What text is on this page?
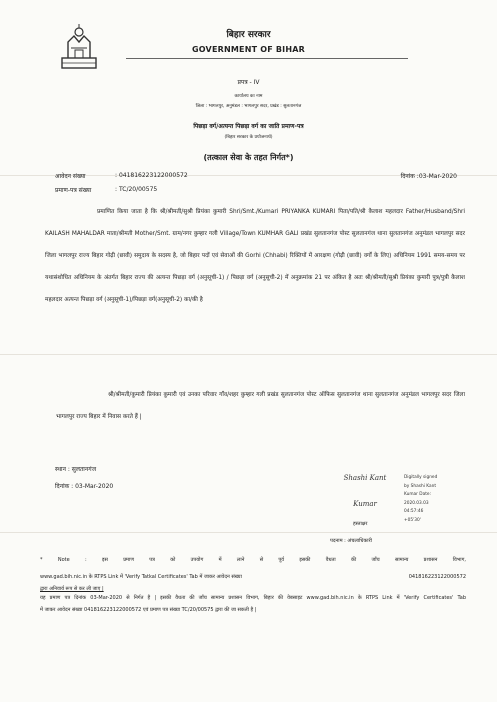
बिहार सरकार
GOVERNMENT OF BIHAR
प्रपत्र - IV
कार्यालय का नाम
जिला : भागलपुर, अनुमंडल : भागलपुर सदर, प्रखंड : सुलतानगंज
पिछड़ा वर्ग/अत्यन्त पिछड़ा वर्ग का जाति प्रमाण-पत्र
(बिहार सरकार के प्रयोजनार्थ)
(तत्काल सेवा के तहत निर्गत*)
आवेदन संख्या	: 041816223122000572	दिनांक :03-Mar-2020
प्रमाण-पत्र संख्या	: TC/20/00575
प्रमाणित किया जाता है कि श्री/श्रीमती/सुश्री प्रियंका कुमारी Shri/Smt./Kumari PRIYANKA KUMARI पिता/पति/श्री कैलाश महलदार Father/Husband/Shri KAILASH MAHALDAR माता/श्रीमती Mother/Smt. ग्राम/नगर कुम्हार गली Village/Town KUMHAR GALI प्रखंड सुलतानगंज पोस्ट सुलतानगंज थाना सुलतानगंज अनुमंडल भागलपुर सदर जिला भागलपुर राज्य बिहार गोढ़ी (छावी) समुदाय के सदस्य है, जो बिहार पदों एवं सेवाओं की Gorhi (Chhabi) रिक्तियों में आरक्षण (गोढ़ी (छावी) वर्गों के लिए) अधिनियम 1991 समय-समय पर यथासंशोधित अधिनियम के अंतर्गत बिहार राज्य की अत्यन्त पिछड़ा वर्ग (अनुसूची-1) / पिछड़ा वर्ग (अनुसूची-2) में अनुक्रमांक 21 पर अंकित है अतः श्री/श्रीमती/सुश्री प्रियंका कुमारी पुत्र/पुत्री कैलाश महलदार अत्यन्त पिछड़ा वर्ग (अनुसूची-1)/पिछड़ा वर्ग(अनुसूची-2) का/की है
श्री/श्रीमती/कुमारी प्रियंका कुमारी एवं उनका परिवार गाँव/शहर कुम्हार गली प्रखंड सुलतानगंज पोस्ट ऑफिस सुलतानगंज थाना सुलतानगंज अनुमंडल भागलपुर सदर जिला भागलपुर राज्य बिहार में निवास करते हैं |
स्थान : सुलतानगंज
दिनांक : 03-Mar-2020
Shashi Kant
Kumar
Digitally signed
by Shashi Kant
Kumar Date:
2020.03.03
04:57:46
+05'30'
हस्ताक्षर
पदनाम : अंचलाधिकारी
* Note : इस प्रमाण पत्र को उपयोग में लाने से पूर्व इसकी वैधता की जाँच सामान्य प्रशासन विभाग,
www.gad.bih.nic.in के RTPS Link में 'Verify Tatkal Certificates' Tab में जाकर आवेदन संख्या	041816223122000572
द्वारा अनिवार्य रूप से कर ली जाए |
यह प्रमाण पत्र दिनांक 03-Mar-2020 से निर्गत है | इसकी वैधता की जाँच सामान्य प्रशासन विभाग, बिहार की वेबसाइट www.gad.bih.nic.in के RTPS Link में 'Verify Certificates' Tab
में जाकर आवेदन संख्या 041816223122000572 एवं प्रमाण पत्र संख्या TC/20/00575 द्वारा की जा सकती है |
